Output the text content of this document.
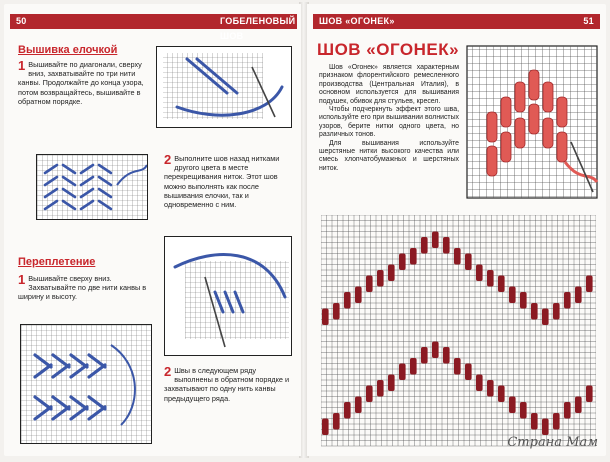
50	ГОБЕЛЕНОВЫЙ ШОВ
Вышивка елочкой
1 Вышивайте по диагонали, сверху вниз, захватывайте по три нити канвы. Продолжайте до конца узора, потом возвращайтесь, вышивайте в обратном порядке.
2 Выполните шов назад нитками другого цвета в месте перекрещивания ниток. Этот шов можно выполнять как после вышивания елочки, так и одновременно с ним.
Переплетение
1 Вышивайте сверху вниз. Захватывайте по две нити канвы в ширину и высоту.
2 Швы в следующем ряду выполнены в обратном порядке и захватывают по одну нить канвы предыдущего ряда.
ШОВ «ОГОНЕК»	51
ШОВ «ОГОНЕК»

Шов «Огонек» является характерным признаком флорентийского ремесленного производства (Центральная Италия), в основном используется для вышивания подушек, обивок для стульев, кресел.

Чтобы подчеркнуть эффект этого шва, используйте его при вышивании волнистых узоров, берите нитки одного цвета, но различных тонов.

Для вышивания используйте шерстяные нитки высокого качества или смесь хлопчатобумажных и шерстяных ниток.

Страна Мам
